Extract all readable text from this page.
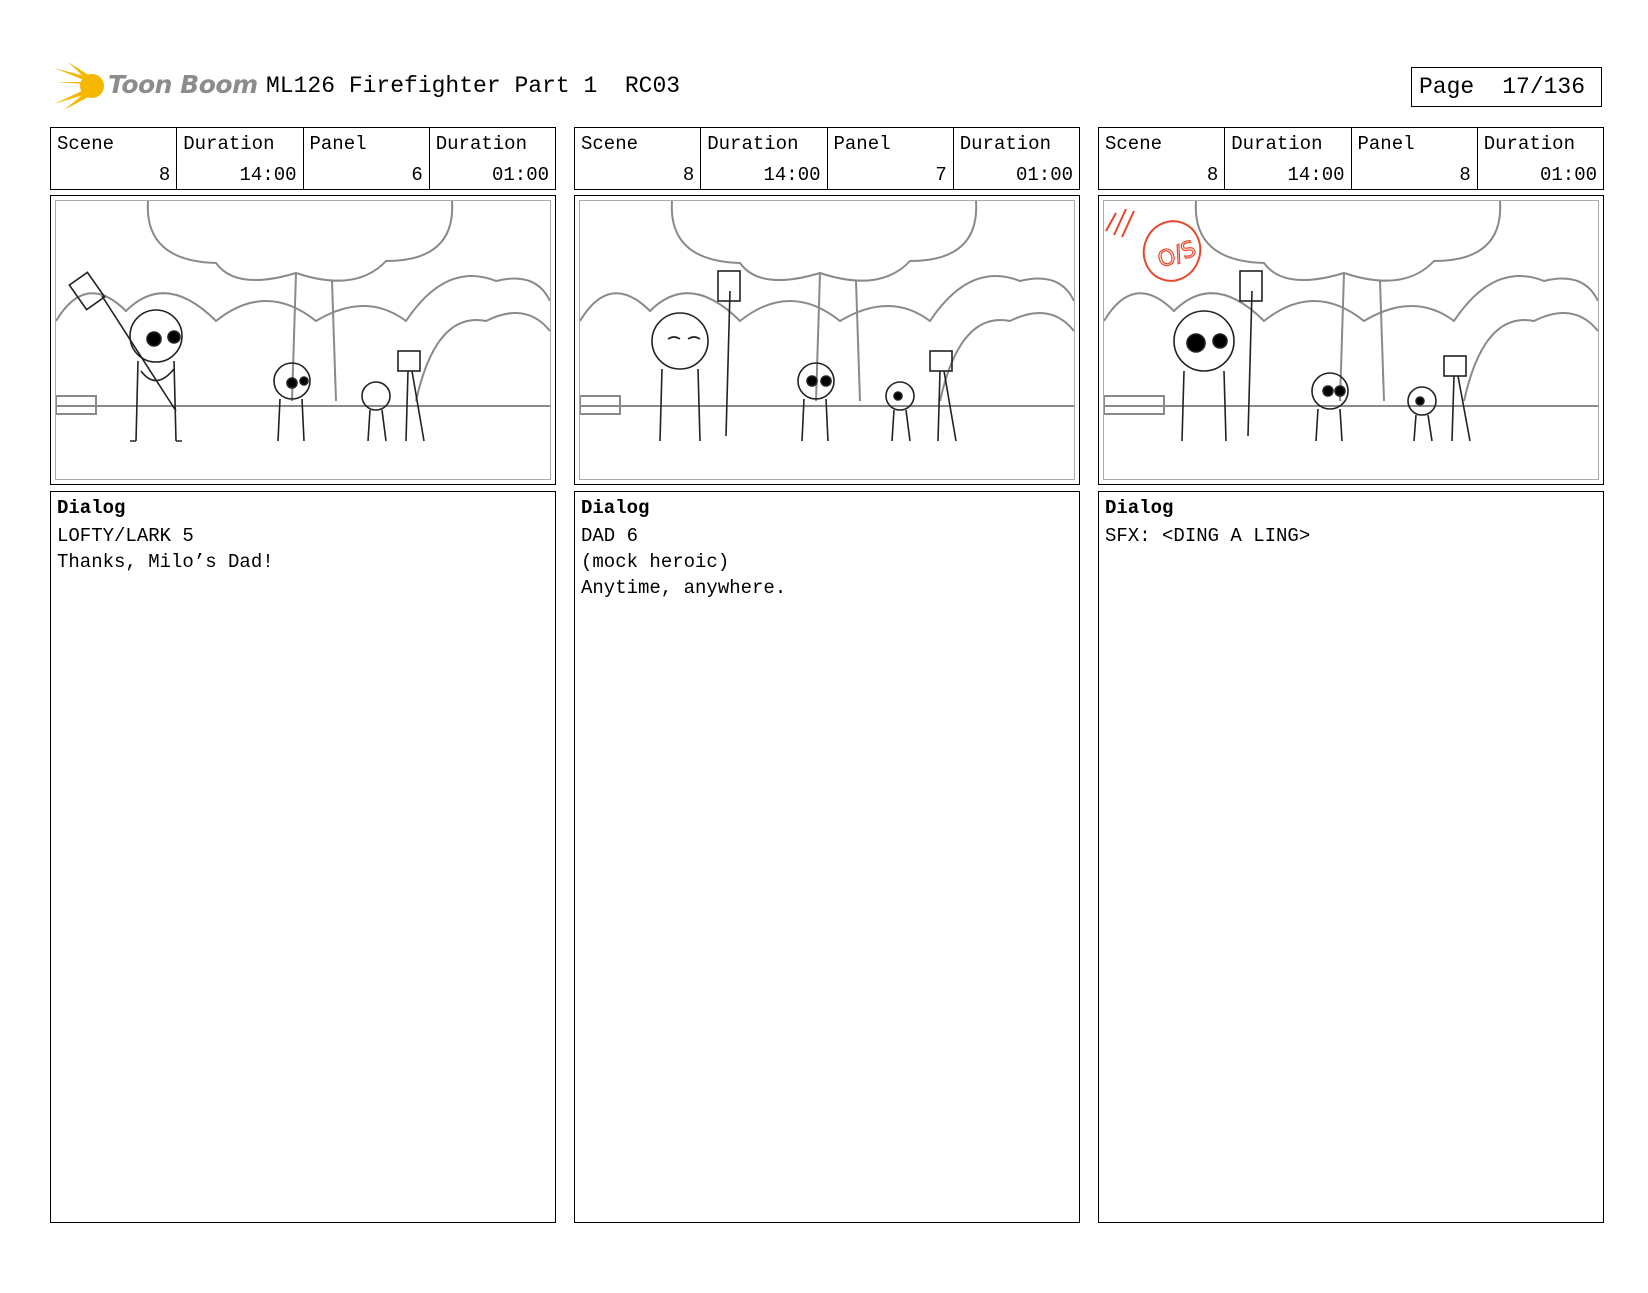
Toon Boom ML126 Firefighter Part 1  RC03	Page 17/136
Scene
8
Duration
14:00
Panel
6
Duration
01:00
Dialog
LOFTY/LARK 5
Thanks, Milo’s Dad!
Scene
8
Duration
14:00
Panel
7
Duration
01:00
Dialog
DAD 6
(mock heroic)
Anytime, anywhere.
Scene
8
Duration
14:00
Panel
8
Duration
01:00
O/S
Dialog
SFX: <DING A LING>
